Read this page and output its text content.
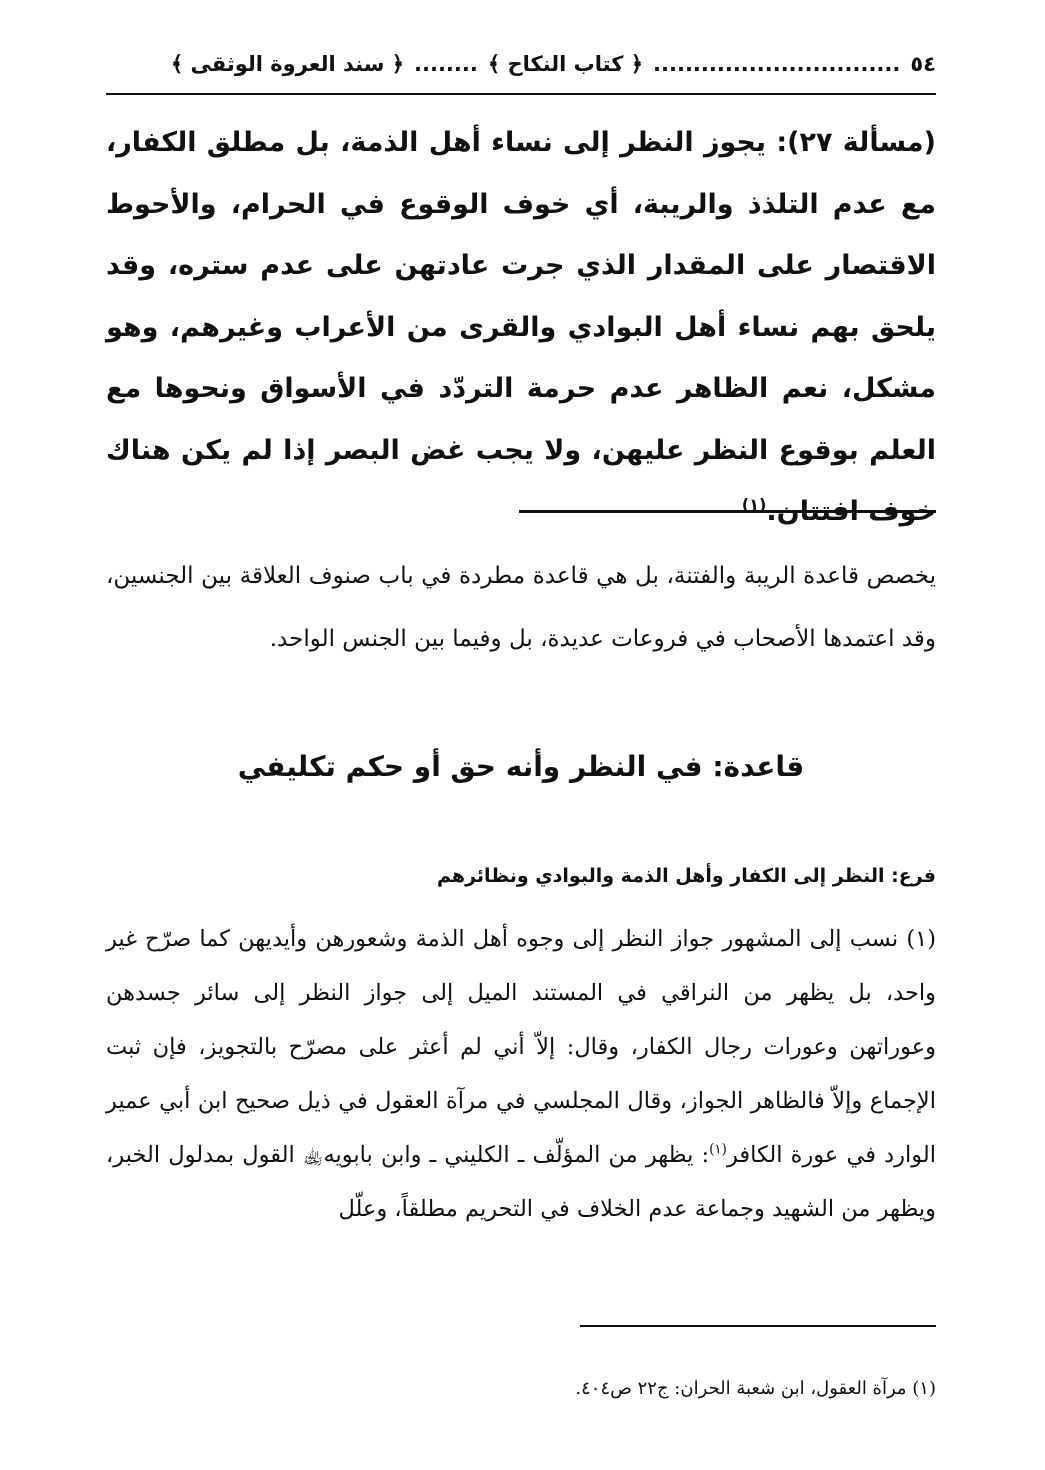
٥٤
...............................
﴿ كتاب النكاح ﴾
........
﴿ سند العروة الوثقى ﴾

(مسألة ٢٧): يجوز النظر إلى نساء أهل الذمة، بل مطلق الكفار، مع عدم التلذذ والريبة، أي خوف الوقوع في الحرام، والأحوط الاقتصار على المقدار الذي جرت عادتهن على عدم ستره، وقد يلحق بهم نساء أهل البوادي والقرى من الأعراب وغيرهم، وهو مشكل، نعم الظاهر عدم حرمة التردّد في الأسواق ونحوها مع العلم بوقوع النظر عليهن، ولا يجب غض البصر إذا لم يكن هناك خوف افتتان.$^{(١)}$

يخصص قاعدة الريبة والفتنة، بل هي قاعدة مطردة في باب صنوف العلاقة بين الجنسين، وقد اعتمدها الأصحاب في فروعات عديدة، بل وفيما بين الجنس الواحد.

قاعدة: في النظر وأنه حق أو حكم تكليفي
فرع: النظر إلى الكفار وأهل الذمة والبوادي ونظائرهم

(١) نسب إلى المشهور جواز النظر إلى وجوه أهل الذمة وشعورهن وأيديهن كما صرّح غير واحد، بل يظهر من النراقي في المستند الميل إلى جواز النظر إلى سائر جسدهن وعوراتهن وعورات رجال الكفار، وقال: إلاّ أني لم أعثر على مصرّح بالتجويز، فإن ثبت الإجماع وإلاّ فالظاهر الجواز، وقال المجلسي في مرآة العقول في ذيل صحيح ابن أبي عمير الوارد في عورة الكافر$^{(١)}$: يظهر من المؤلّف ـ الكليني ـ وابن بابويه﵀ القول بمدلول الخبر، ويظهر من الشهيد وجماعة عدم الخلاف في التحريم مطلقاً، وعلّل

(١) مرآة العقول، ابن شعبة الحران: ج٢٢ ص٤٠٤.
